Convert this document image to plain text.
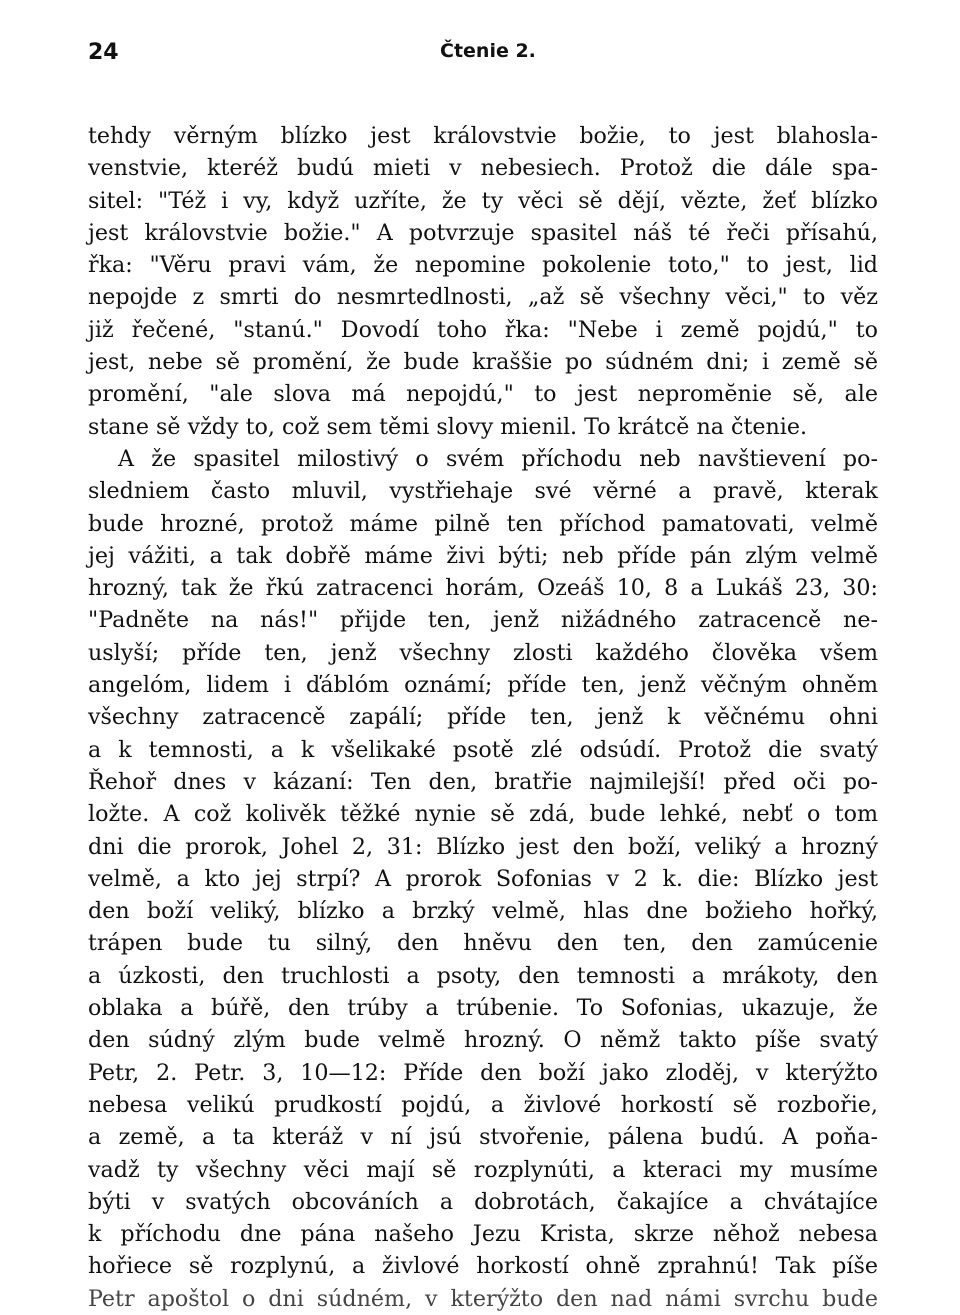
24	Čtenie 2.
tehdy věrným blízko jest královstvie božie, to jest blahosla-
venstvie, kteréž budú mieti v nebesiech. Protož die dále spa-
sitel: "Též i vy, když uzříte, že ty věci sě dějí, vězte, žeť blízko
jest královstvie božie." A potvrzuje spasitel náš té řeči přísahú,
řka: "Věru pravi vám, že nepomine pokolenie toto," to jest, lid
nepojde z smrti do nesmrtedlnosti, „až sě všechny věci," to věz
již řečené, "stanú." Dovodí toho řka: "Nebe i země pojdú," to
jest, nebe sě promění, že bude kraššie po súdném dni; i země sě
promění, "ale slova má nepojdú," to jest nepromĕnie sě, ale
stane sě vždy to, což sem těmi slovy mienil. To krátcě na čtenie.
A že spasitel milostivý o svém příchodu neb navštievení po-
sledniem často mluvil, vystřiehaje své věrné a pravě, kterak
bude hrozné, protož máme pilně ten příchod pamatovati, velmě
jej vážiti, a tak dobřě máme živi býti; neb příde pán zlým velmě
hrozný, tak že řkú zatracenci horám, Ozeáš 10, 8 a Lukáš 23, 30:
"Padněte na nás!" přijde ten, jenž nižádného zatracencě ne-
uslyší; příde ten, jenž všechny zlosti každého člověka všem
angelóm, lidem i ďáblóm oznámí; příde ten, jenž věčným ohněm
všechny zatracencě zapálí; příde ten, jenž k věčnému ohni
a k temnosti, a k všelikaké psotě zlé odsúdí. Protož die svatý
Řehoř dnes v kázaní: Ten den, bratřie najmilejší! před oči po-
ložte. A což kolivěk těžké nynie sě zdá, bude lehké, nebť o tom
dni die prorok, Johel 2, 31: Blízko jest den boží, veliký a hrozný
velmě, a kto jej strpí? A prorok Sofonias v 2 k. die: Blízko jest
den boží veliký, blízko a brzký velmě, hlas dne božieho hořký,
trápen bude tu silný, den hněvu den ten, den zamúcenie
a úzkosti, den truchlosti a psoty, den temnosti a mrákoty, den
oblaka a búřě, den trúby a trúbenie. To Sofonias, ukazuje, že
den súdný zlým bude velmě hrozný. O němž takto píše svatý
Petr, 2. Petr. 3, 10—12: Příde den boží jako zloděj, v kterýžto
nebesa velikú prudkostí pojdú, a živlové horkostí sě rozbořie,
a země, a ta kteráž v ní jsú stvořenie, pálena budú. A poňa-
vadž ty všechny věci mají sě rozplynúti, a kteraci my musíme
býti v svatých obcováních a dobrotách, čakajíce a chvátajíce
k příchodu dne pána našeho Jezu Krista, skrze něhož nebesa
hořiece sě rozplynú, a živlové horkostí ohně zprahnú! Tak píše
Petr apoštol o dni súdném, v kterýžto den nad námi svrchu bude
